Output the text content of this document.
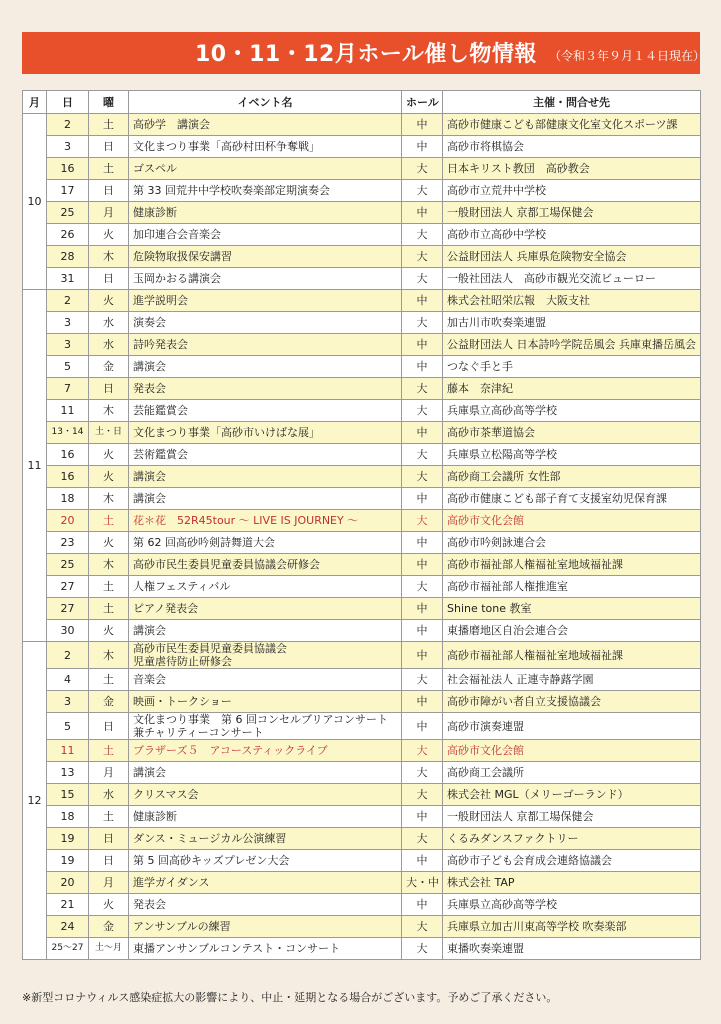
10・11・12月ホール催し物情報 （令和３年９月１４日現在）
月	日	曜	イベント名	ホール	主催・問合せ先
10	2	土	高砂学　講演会	中	高砂市健康こども部健康文化室文化スポーツ課
	3	日	文化まつり事業「高砂村田杯争奪戦」	中	高砂市将棋協会
	16	土	ゴスペル	大	日本キリスト教団　高砂教会
	17	日	第 33 回荒井中学校吹奏楽部定期演奏会	大	高砂市立荒井中学校
	25	月	健康診断	中	一般財団法人 京都工場保健会
	26	火	加印連合会音楽会	大	高砂市立高砂中学校
	28	木	危険物取扱保安講習	大	公益財団法人 兵庫県危険物安全協会
	31	日	玉岡かおる講演会	大	一般社団法人　高砂市観光交流ビューロー
11	2	火	進学説明会	中	株式会社昭栄広報　大阪支社
	3	水	演奏会	大	加古川市吹奏楽連盟
	3	水	詩吟発表会	中	公益財団法人 日本詩吟学院岳風会 兵庫東播岳風会
	5	金	講演会	中	つなぐ手と手
	7	日	発表会	大	藤本　奈津紀
	11	木	芸能鑑賞会	大	兵庫県立高砂高等学校
	13・14	土・日	文化まつり事業「高砂市いけばな展」	中	高砂市茶華道協会
	16	火	芸術鑑賞会	大	兵庫県立松陽高等学校
	16	火	講演会	大	高砂商工会議所 女性部
	18	木	講演会	中	高砂市健康こども部子育て支援室幼児保育課
	20	土	花＊花　52R45tour ～ LIVE IS JOURNEY ～	大	高砂市文化会館
	23	火	第 62 回高砂吟剣詩舞道大会	中	高砂市吟剣詠連合会
	25	木	高砂市民生委員児童委員協議会研修会	中	高砂市福祉部人権福祉室地域福祉課
	27	土	人権フェスティバル	大	高砂市福祉部人権推進室
	27	土	ピアノ発表会	中	Shine tone 教室
	30	火	講演会	中	東播磨地区自治会連合会
12	2	木	高砂市民生委員児童委員協議会
児童虐待防止研修会	中	高砂市福祉部人権福祉室地域福祉課
	4	土	音楽会	大	社会福祉法人 正連寺静蕗学園
	3	金	映画・トークショー	中	高砂市障がい者自立支援協議会
	5	日	文化まつり事業　第 6 回コンセルブリアコンサート
兼チャリティーコンサート	中	高砂市演奏連盟
	11	土	ブラザーズ５　アコースティックライブ	大	高砂市文化会館
	13	月	講演会	大	高砂商工会議所
	15	水	クリスマス会	大	株式会社 MGL（メリーゴーランド）
	18	土	健康診断	中	一般財団法人 京都工場保健会
	19	日	ダンス・ミュージカル公演練習	大	くるみダンスファクトリー
	19	日	第 5 回高砂キッズプレゼン大会	中	高砂市子ども会育成会連絡協議会
	20	月	進学ガイダンス	大・中	株式会社 TAP
	21	火	発表会	中	兵庫県立高砂高等学校
	24	金	アンサンブルの練習	大	兵庫県立加古川東高等学校 吹奏楽部
	25～27	土～月	東播アンサンブルコンテスト・コンサート	大	東播吹奏楽連盟
※新型コロナウィルス感染症拡大の影響により、中止・延期となる場合がございます。予めご了承ください。
